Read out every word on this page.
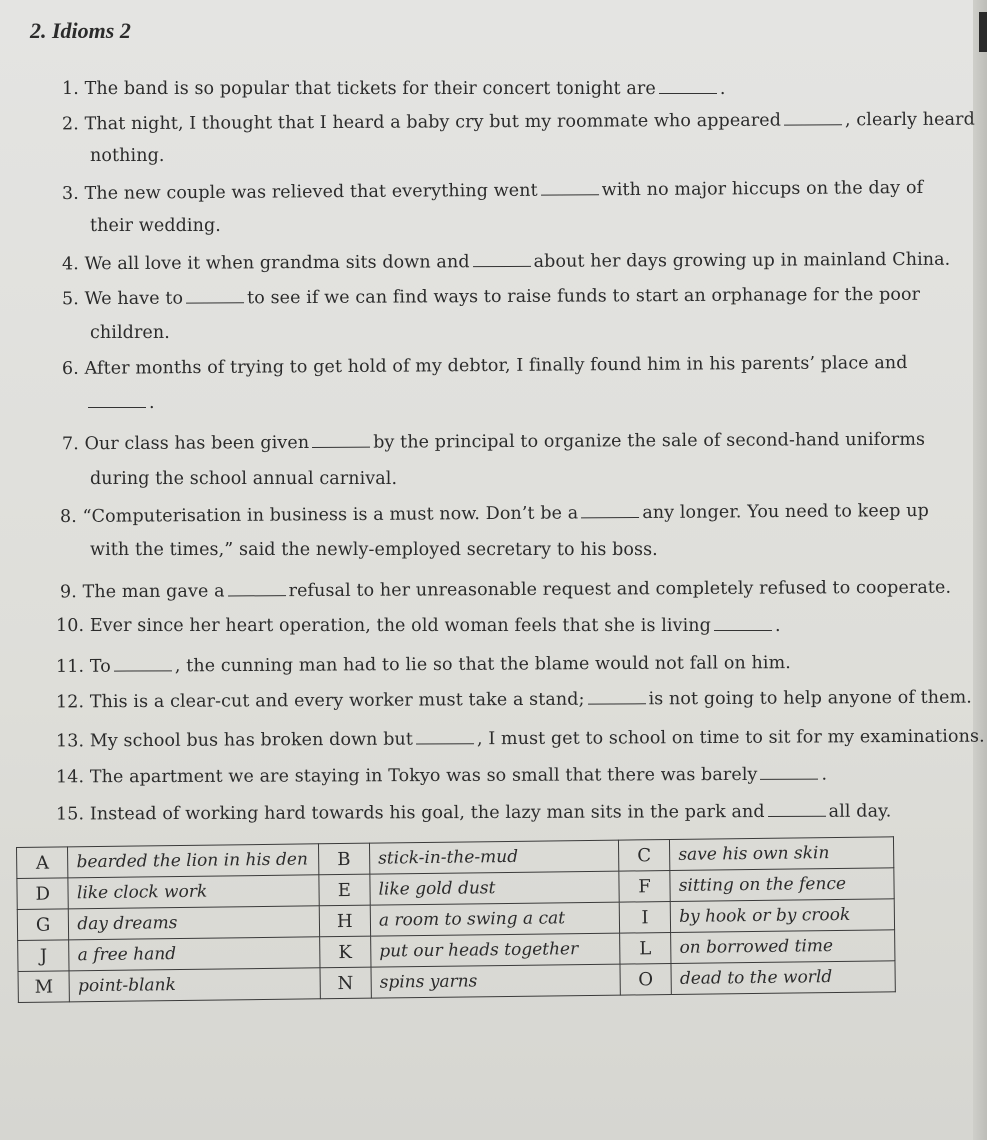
2. Idioms 2
1. The band is so popular that tickets for their concert tonight are	.
2. That night, I thought that I heard a baby cry but my roommate who appeared	, clearly heard
nothing.
3. The new couple was relieved that everything went	with no major hiccups on the day of
their wedding.
4. We all love it when grandma sits down and	about her days growing up in mainland China.
5. We have to	to see if we can find ways to raise funds to start an orphanage for the poor
children.
6. After months of trying to get hold of my debtor, I finally found him in his parents’ place and
.
7. Our class has been given	by the principal to organize the sale of second-hand uniforms
during the school annual carnival.
8. “Computerisation in business is a must now. Don’t be a	any longer. You need to keep up
with the times,” said the newly-employed secretary to his boss.
9. The man gave a	refusal to her unreasonable request and completely refused to cooperate.
10. Ever since her heart operation, the old woman feels that she is living	.
11. To	, the cunning man had to lie so that the blame would not fall on him.
12. This is a clear-cut and every worker must take a stand;	is not going to help anyone of them.
13. My school bus has broken down but	, I must get to school on time to sit for my examinations.
14. The apartment we are staying in Tokyo was so small that there was barely	.
15. Instead of working hard towards his goal, the lazy man sits in the park and	all day.
A	bearded the lion in his den	B	stick-in-the-mud	C	save his own skin
D	like clock work	E	like gold dust	F	sitting on the fence
G	day dreams	H	a room to swing a cat	I	by hook or by crook
J	a free hand	K	put our heads together	L	on borrowed time
M	point-blank	N	spins yarns	O	dead to the world
